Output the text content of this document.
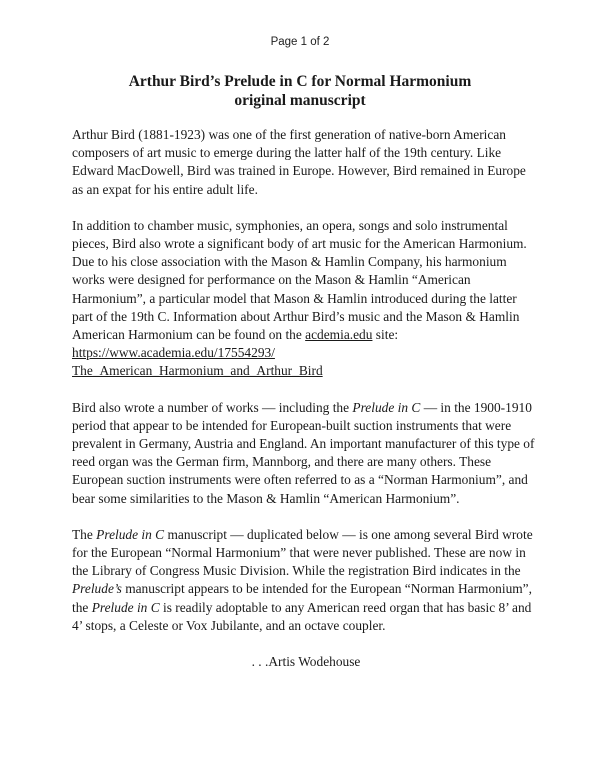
Page 1 of 2
Arthur Bird’s Prelude in C for Normal Harmonium
original manuscript

Arthur Bird (1881-1923) was one of the first generation of native-born American composers of art music to emerge during the latter half of the 19th century. Like Edward MacDowell, Bird was trained in Europe. However, Bird remained in Europe as an expat for his entire adult life.

In addition to chamber music, symphonies, an opera, songs and solo instrumental pieces, Bird also wrote a significant body of art music for the American Harmonium. Due to his close association with the Mason & Hamlin Company, his harmonium works were designed for performance on the Mason & Hamlin “American Harmonium”, a particular model that Mason & Hamlin introduced during the latter part of the 19th C. Information about Arthur Bird’s music and the Mason & Hamlin American Harmonium can be found on the acdemia.edu site:
https://www.academia.edu/17554293/
The_American_Harmonium_and_Arthur_Bird

Bird also wrote a number of works — including the Prelude in C — in the 1900-1910 period that appear to be intended for European-built suction instruments that were prevalent in Germany, Austria and England. An important manufacturer of this type of reed organ was the German firm, Mannborg, and there are many others. These European suction instruments were often referred to as a “Norman Harmonium”, and bear some similarities to the Mason & Hamlin “American Harmonium”.

The Prelude in C manuscript — duplicated below — is one among several Bird wrote for the European “Normal Harmonium” that were never published. These are now in the Library of Congress Music Division. While the registration Bird indicates in the Prelude’s manuscript appears to be intended for the European “Norman Harmonium”, the Prelude in C is readily adoptable to any American reed organ that has basic 8’ and 4’ stops, a Celeste or Vox Jubilante, and an octave coupler.

. . .Artis Wodehouse
